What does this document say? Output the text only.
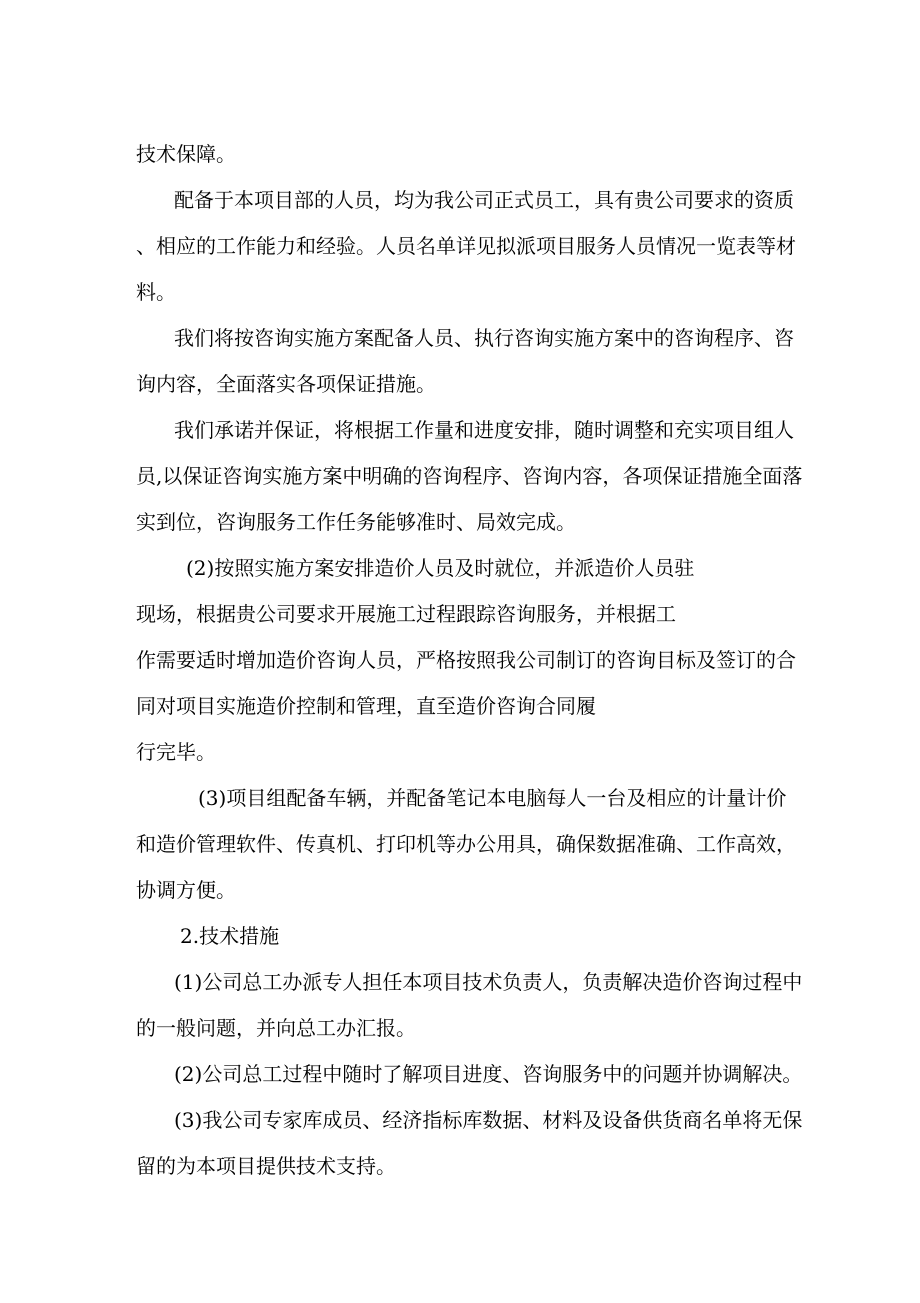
技术保障。

配备于本项目部的人员，均为我公司正式员工，具有贵公司要求的资质

、相应的工作能力和经验。人员名单详见拟派项目服务人员情况一览表等材

料。

我们将按咨询实施方案配备人员、执行咨询实施方案中的咨询程序、咨

询内容，全面落实各项保证措施。

我们承诺并保证，将根据工作量和进度安排，随时调整和充实项目组人

员,以保证咨询实施方案中明确的咨询程序、咨询内容，各项保证措施全面落

实到位，咨询服务工作任务能够准时、局效完成。

(2)按照实施方案安排造价人员及时就位，并派造价人员驻

现场，根据贵公司要求开展施工过程跟踪咨询服务，并根据工

作需要适时增加造价咨询人员，严格按照我公司制订的咨询目标及签订的合

同对项目实施造价控制和管理，直至造价咨询合同履

行完毕。

(3)项目组配备车辆，并配备笔记本电脑每人一台及相应的计量计价

和造价管理软件、传真机、打印机等办公用具，确保数据准确、工作高效，

协调方便。

2.技术措施

(1)公司总工办派专人担任本项目技术负责人，负责解决造价咨询过程中

的一般问题，并向总工办汇报。

(2)公司总工过程中随时了解项目进度、咨询服务中的问题并协调解决。

(3)我公司专家库成员、经济指标库数据、材料及设备供货商名单将无保

留的为本项目提供技术支持。
